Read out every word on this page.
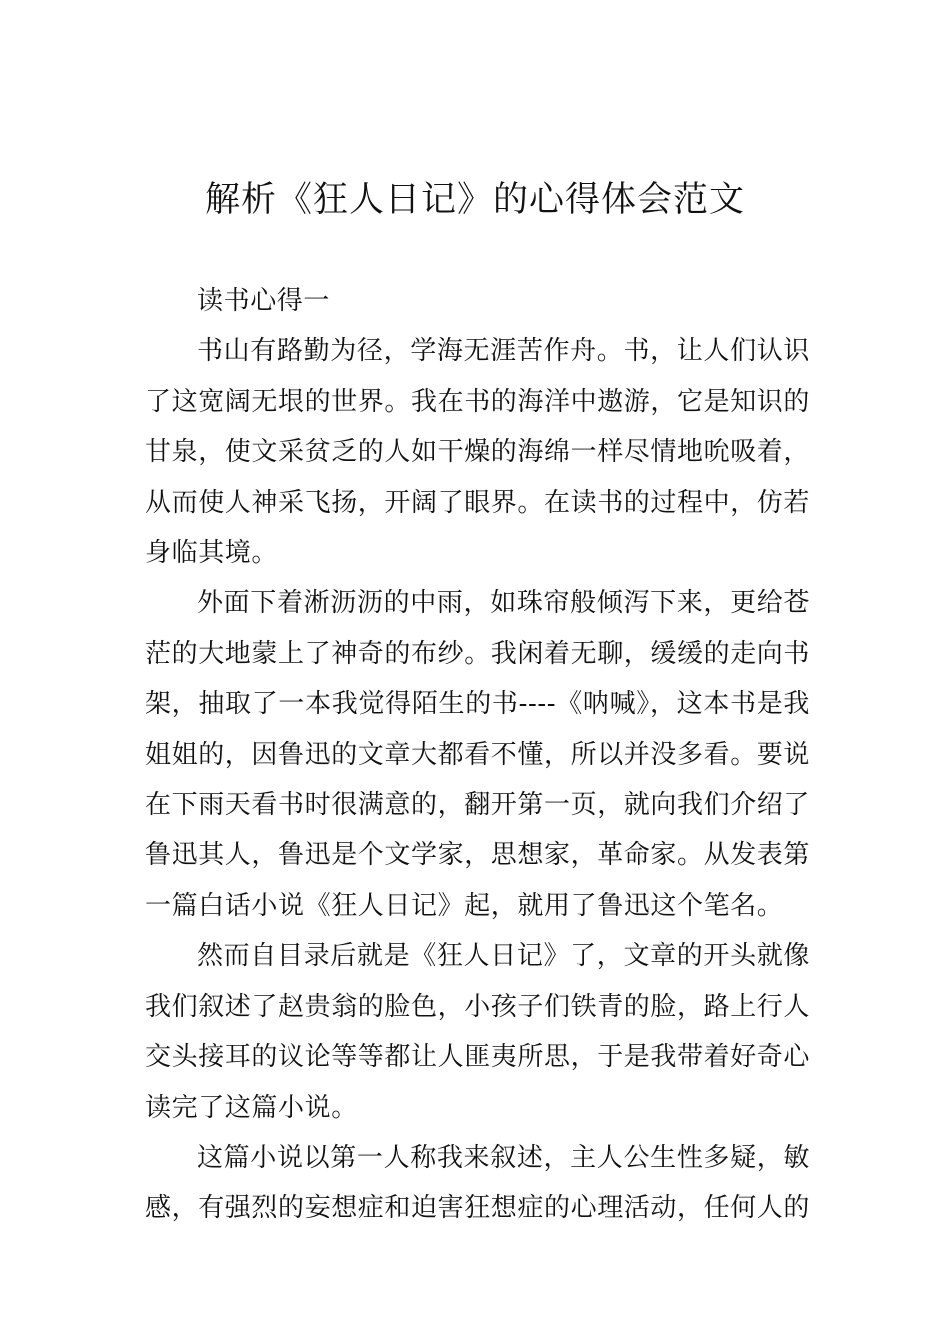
解析《狂人日记》的心得体会范文

读书心得一

书山有路勤为径，学海无涯苦作舟。书，让人们认识了这宽阔无垠的世界。我在书的海洋中遨游，它是知识的甘泉，使文采贫乏的人如干燥的海绵一样尽情地吮吸着，从而使人神采飞扬，开阔了眼界。在读书的过程中，仿若身临其境。

外面下着淅沥沥的中雨，如珠帘般倾泻下来，更给苍茫的大地蒙上了神奇的布纱。我闲着无聊，缓缓的走向书架，抽取了一本我觉得陌生的书----《呐喊》，这本书是我姐姐的，因鲁迅的文章大都看不懂，所以并没多看。要说在下雨天看书时很满意的，翻开第一页，就向我们介绍了鲁迅其人，鲁迅是个文学家，思想家，革命家。从发表第一篇白话小说《狂人日记》起，就用了鲁迅这个笔名。

然而自目录后就是《狂人日记》了，文章的开头就像我们叙述了赵贵翁的脸色，小孩子们铁青的脸，路上行人交头接耳的议论等等都让人匪夷所思，于是我带着好奇心读完了这篇小说。

这篇小说以第一人称我来叙述，主人公生性多疑，敏感，有强烈的妄想症和迫害狂想症的心理活动，任何人的
